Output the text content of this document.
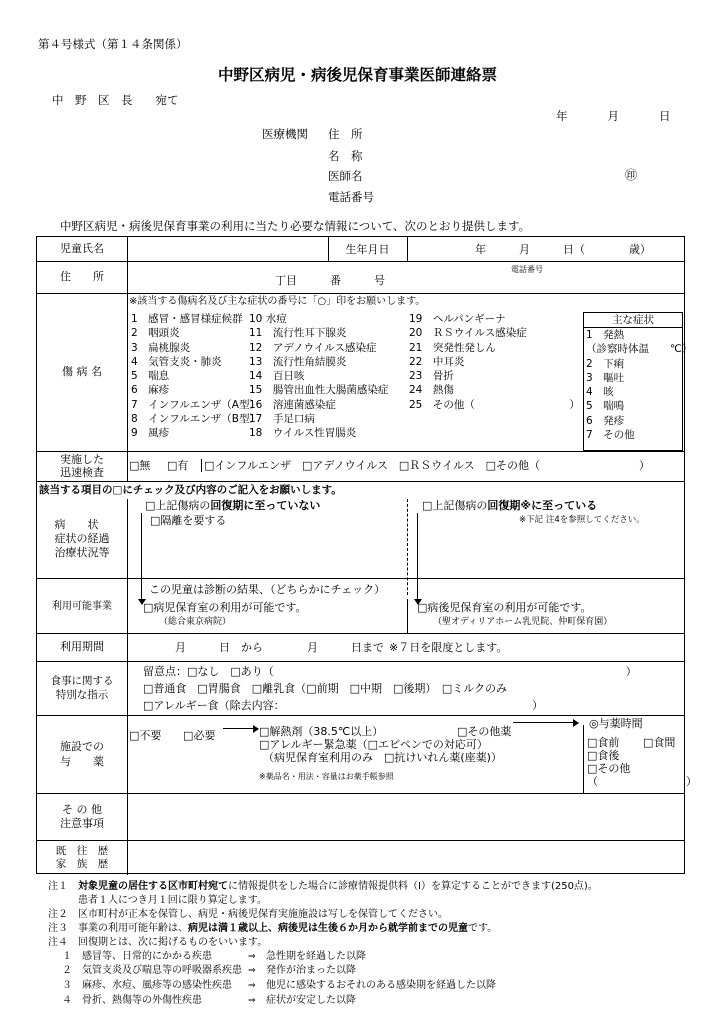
第４号様式（第１４条関係）
中野区病児・病後児保育事業医師連絡票
中　野　区　長　　宛て
年	月	日
医療機関 住　所
名　称
医師名	㊞
電話番号
中野区病児・病後児保育事業の利用に当たり必要な情報について、次のとおり提供します。
児童氏名	生年月日	年　　　月　　　日（　　　　歳）
住　　所	丁目　　　番　　　号
電話番号
傷 病 名
※該当する傷病名及び主な症状の番号に「○」印をお願いします。
1　感冒・感冒様症候群
2　咽頭炎
3　扁桃腺炎
4　気管支炎・肺炎
5　喘息
6　麻疹
7　インフルエンザ（A型）
8　インフルエンザ（B型）
9　風疹
10 水痘
11　流行性耳下腺炎
12　アデノウイルス感染症
13　流行性角結膜炎
14　百日咳
15　腸管出血性大腸菌感染症
16　溶連菌感染症
17　手足口病
18　ウイルス性胃腸炎
19　ヘルパンギーナ
20　ＲＳウイルス感染症
21　突発性発しん
22　中耳炎
23　骨折
24　熱傷
25　その他（　　　　　　　　　）
主な症状
1　発熱
（診察時体温　　℃）
2　下痢
3　嘔吐
4　咳
5　喘鳴
6　発疹
7　その他
実施した迅速検査 □無 □有 □インフルエンザ　□アデノウイルス　□ＲＳウイルス　□その他（　　　　　　　　　）
該当する項目の□にチェック及び内容のご記入をお願いします。
病　　状
症状の経過
治療状況等
□上記傷病の回復期に至っていない
□隔離を要する
□上記傷病の回復期※に至っている
※下記 注4を参照してください。
この児童は診断の結果、（どちらかにチェック）
利用可能事業	□病児保育室の利用が可能です。
（総合東京病院）
□病後児保育室の利用が可能です。
（聖オディリアホーム乳児院、仲町保育園）
利用期間	月　　　日　から　　　　月　　　日まで ※７日を限度とします。
食事に関する
特別な指示
留意点：□なし　□あり（　　　　　　　　　　　　　　　　　　　　　　　　　　　　　　　　）
□普通食　□胃腸食　□離乳食（□前期　□中期　□後期）　□ミルクのみ
□アレルギー食（除去内容：　　　　　　　　　　　　　　　　　　　　　　　）
施設での
与　　薬
□不要 □必要	□解熱剤（38.5℃以上）	□その他薬
□アレルギー緊急薬（□エピペンでの対応可）
（病児保育室利用のみ　□抗けいれん薬(座薬)）
※薬品名・用法・容量はお薬手帳参照
◎与薬時間
□食前 □食間
□食後
□その他
（　　　　　　　　）
そ の 他
注意事項
既　往　歴
家　族　歴
注１　対象児童の居住する区市町村宛てに情報提供をした場合に診療情報提供料（Ⅰ）を算定することができます(250点)。
　　　患者１人につき月１回に限り算定します。
注２　区市町村が正本を保管し、病児・病後児保育実施施設は写しを保管してください。
注３　事業の利用可能年齢は、病児は満１歳以上、病後児は生後６か月から就学前までの児童です。
注４　回復期とは、次に掲げるものをいいます。
１　感冒等、日常的にかかる疾患	⇒ 急性期を経過した以降
２　気管支炎及び喘息等の呼吸器系疾患 ⇒ 発作が治まった以降
３　麻疹、水痘、風疹等の感染性疾患 ⇒ 他児に感染するおそれのある感染期を経過した以降
４　骨折、熱傷等の外傷性疾患	⇒ 症状が安定した以降
